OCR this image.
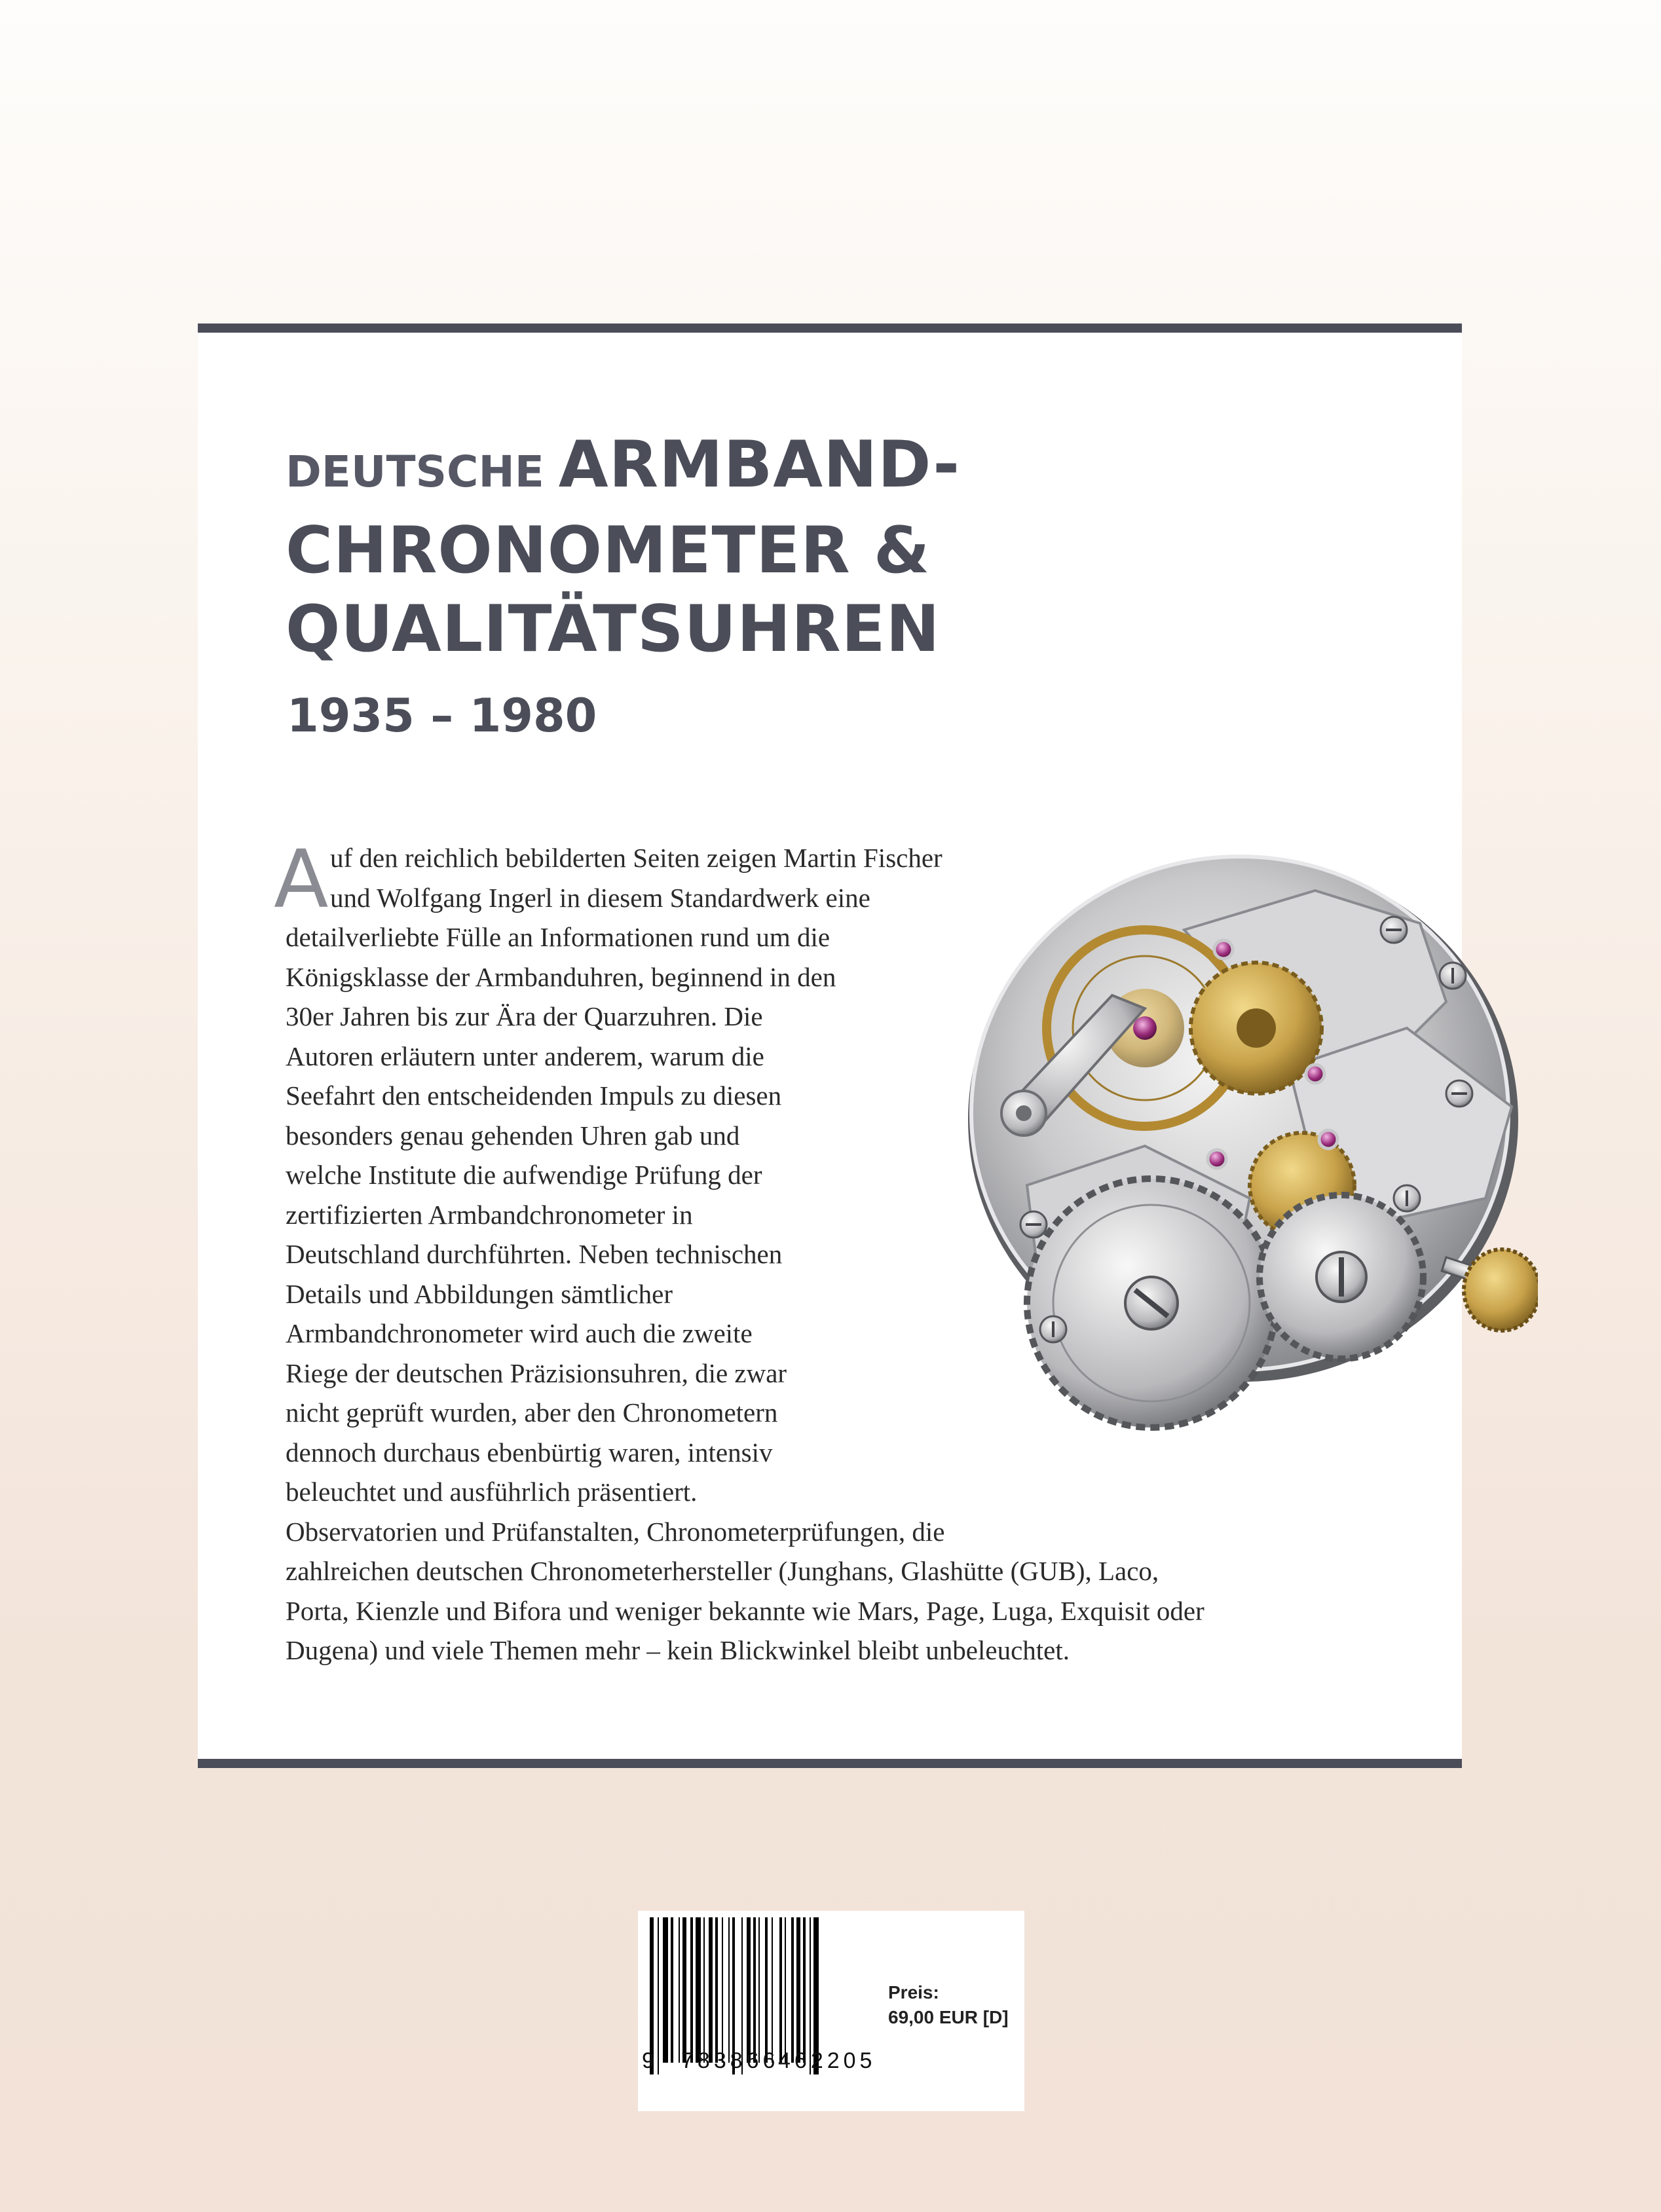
DEUTSCHE ARMBAND-
CHRONOMETER &
QUALITÄTSUHREN
1935 – 1980
A uf den reichlich bebilderten Seiten zeigen Martin Fischer
und Wolfgang Ingerl in diesem Standardwerk eine
detailverliebte Fülle an Informationen rund um die
Königsklasse der Armbanduhren, beginnend in den
30er Jahren bis zur Ära der Quarzuhren. Die
Autoren erläutern unter anderem, warum die
Seefahrt den entscheidenden Impuls zu diesen
besonders genau gehenden Uhren gab und
welche Institute die aufwendige Prüfung der
zertifizierten Armbandchronometer in
Deutschland durchführten. Neben technischen
Details und Abbildungen sämtlicher
Armbandchronometer wird auch die zweite
Riege der deutschen Präzisionsuhren, die zwar
nicht geprüft wurden, aber den Chronometern
dennoch durchaus ebenbürtig waren, intensiv
beleuchtet und ausführlich präsentiert.
Observatorien und Prüfanstalten, Chronometerprüfungen, die
zahlreichen deutschen Chronometerhersteller (Junghans, Glashütte (GUB), Laco,
Porta, Kienzle und Bifora und weniger bekannte wie Mars, Page, Luga, Exquisit oder
Dugena) und viele Themen mehr – kein Blickwinkel bleibt unbeleuchtet.
9 783866
462205
Preis:
69,00 EUR [D]
